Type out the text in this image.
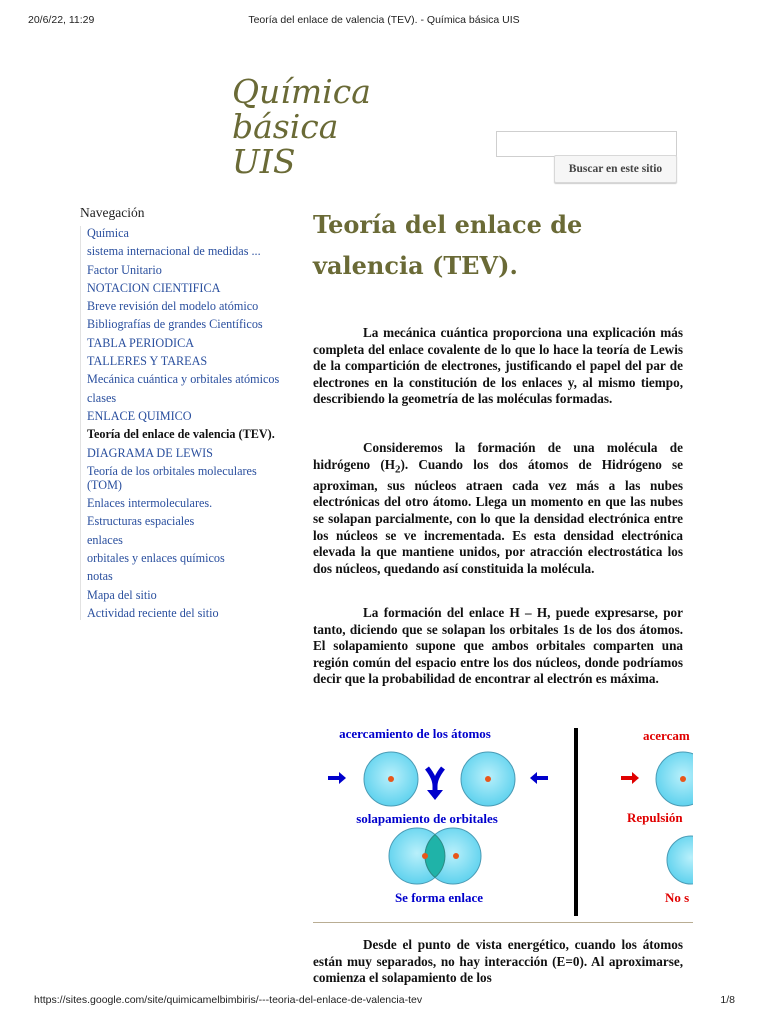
20/6/22, 11:29	Teoría del enlace de valencia (TEV). - Química básica UIS
Química
básica
UIS	Buscar en este sitio
Navegación
Química
sistema internacional de medidas ...
Factor Unitario
NOTACION CIENTIFICA
Breve revisión del modelo atómico
Bibliografías de grandes Científicos
TABLA PERIODICA
TALLERES Y TAREAS
Mecánica cuántica y orbitales atómicos
clases
ENLACE QUIMICO
Teoría del enlace de valencia (TEV).
DIAGRAMA DE LEWIS
Teoría de los orbitales moleculares (TOM)
Enlaces intermoleculares.
Estructuras espaciales
enlaces
orbitales y enlaces químicos
notas
Mapa del sitio
Actividad reciente del sitio
Teoría del enlace de
valencia (TEV).

La mecánica cuántica proporciona una explicación más completa del enlace covalente de lo que lo hace la teoría de Lewis de la compartición de electrones, justificando el papel del par de electrones en la constitución de los enlaces y, al mismo tiempo, describiendo la geometría de las moléculas formadas.

Consideremos la formación de una molécula de hidrógeno $(H_2)$. Cuando los dos átomos de Hidrógeno se aproximan, sus núcleos atraen cada vez más a las nubes electrónicas del otro átomo. Llega un momento en que las nubes se solapan parcialmente, con lo que la densidad electrónica entre los núcleos se ve incrementada. Es esta densidad electrónica elevada la que mantiene unidos, por atracción electrostática los dos núcleos, quedando así constituida la molécula.

La formación del enlace H – H, puede expresarse, por tanto, diciendo que se solapan los orbitales 1s de los dos átomos. El solapamiento supone que ambos orbitales comparten una región común del espacio entre los dos núcleos, donde podríamos decir que la probabilidad de encontrar al electrón es máxima.

acercamiento de los átomos
solapamiento de orbitales
Se forma enlace
acercam
Repulsión
No s

Desde el punto de vista energético, cuando los átomos están muy separados, no hay interacción (E=0). Al aproximarse, comienza el solapamiento de los

https://sites.google.com/site/quimicamelbimbiris/---teoria-del-enlace-de-valencia-tev	1/8
